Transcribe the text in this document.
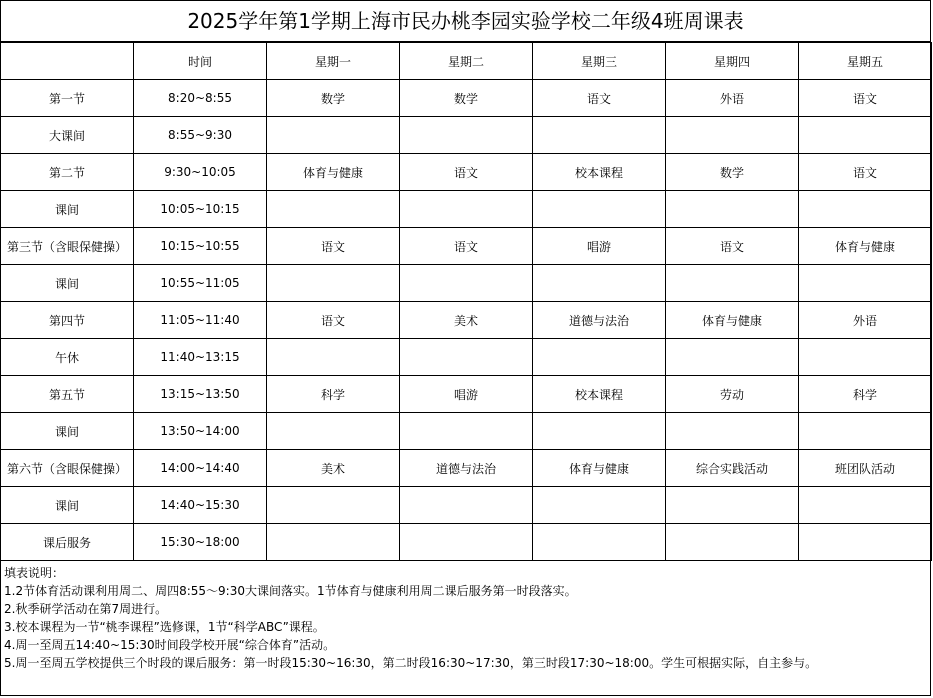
2025学年第1学期上海市民办桃李园实验学校二年级4班周课表
	时间	星期一	星期二	星期三	星期四	星期五
第一节	8:20~8:55	数学	数学	语文	外语	语文
大课间	8:55~9:30					
第二节	9:30~10:05	体育与健康	语文	校本课程	数学	语文
课间	10:05~10:15					
第三节（含眼保健操）	10:15~10:55	语文	语文	唱游	语文	体育与健康
课间	10:55~11:05					
第四节	11:05~11:40	语文	美术	道德与法治	体育与健康	外语
午休	11:40~13:15					
第五节	13:15~13:50	科学	唱游	校本课程	劳动	科学
课间	13:50~14:00					
第六节（含眼保健操）	14:00~14:40	美术	道德与法治	体育与健康	综合实践活动	班团队活动
课间	14:40~15:30					
课后服务	15:30~18:00					
填表说明：
1.2节体育活动课利用周二、周四8:55～9:30大课间落实。1节体育与健康利用周二课后服务第一时段落实。
2.秋季研学活动在第7周进行。
3.校本课程为一节“桃李课程”选修课，1节“科学ABC”课程。
4.周一至周五14:40~15:30时间段学校开展“综合体育”活动。
5.周一至周五学校提供三个时段的课后服务：第一时段15:30~16:30，第二时段16:30~17:30，第三时段17:30~18:00。学生可根据实际，自主参与。
